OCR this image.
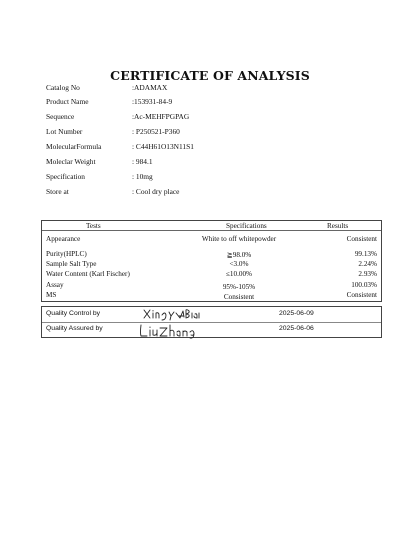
CERTIFICATE OF ANALYSIS
Catalog No	:ADAMAX
Product Name	:153931-84-9
Sequence	:Ac-MEHFPGPAG
Lot Number	: P250521-P360
MolecularFormula	: C44H61O13N11S1
Moleclar Weight	: 984.1
Specification	: 10mg
Store at	: Cool dry place
Tests	Specifications	Results
Appearance	White to off whitepowder	Consistent
Purity(HPLC)	≧98.0%	99.13%
Sample Salt Type	<3.0%	2.24%
Water Content (Karl Fischer)	≤10.00%	2.93%
Assay	95%-105%	100.03%
MS	Consistent	Consistent
Quality Control by	2025-06-09
Quality Assured by	2025-06-06
